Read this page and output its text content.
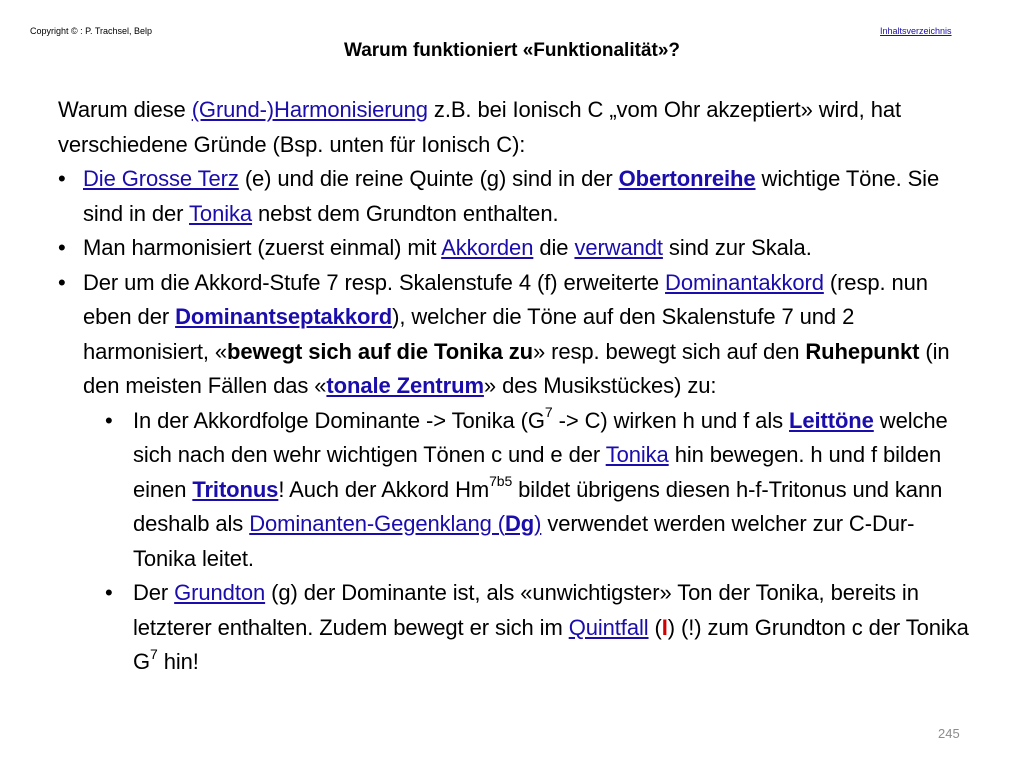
Copyright © : P. Trachsel, Belp	Inhaltsverzeichnis
Warum funktioniert «Funktionalität»?

Warum diese (Grund-)Harmonisierung z.B. bei Ionisch C „vom Ohr akzeptiert» wird, hat verschiedene Gründe (Bsp. unten für Ionisch C):

• Die Grosse Terz (e) und die reine Quinte (g) sind in der Obertonreihe wichtige Töne. Sie sind in der Tonika nebst dem Grundton enthalten.
• Man harmonisiert (zuerst einmal) mit Akkorden die verwandt sind zur Skala.
• Der um die Akkord-Stufe 7 resp. Skalenstufe 4 (f) erweiterte Dominantakkord (resp. nun eben der Dominantseptakkord), welcher die Töne auf den Skalenstufe 7 und 2 harmonisiert, «bewegt sich auf die Tonika zu» resp. bewegt sich auf den Ruhepunkt (in den meisten Fällen das «tonale Zentrum» des Musikstückes) zu:
• In der Akkordfolge Dominante -> Tonika $(G^7 -> C)$ wirken h und f als Leittöne welche sich nach den wehr wichtigen Tönen c und e der Tonika hin bewegen. h und f bilden einen Tritonus! Auch der Akkord $Hm^{7b5}$ bildet übrigens diesen h-f-Tritonus und kann deshalb als Dominanten-Gegenklang (Dg) verwendet werden welcher zur C-Dur-Tonika leitet.
• Der Grundton (g) der Dominante ist, als «unwichtigster» Ton der Tonika, bereits in letzterer enthalten. Zudem bewegt er sich im Quintfall (I) (!) zum Grundton c der Tonika $G^7$ hin!
245
